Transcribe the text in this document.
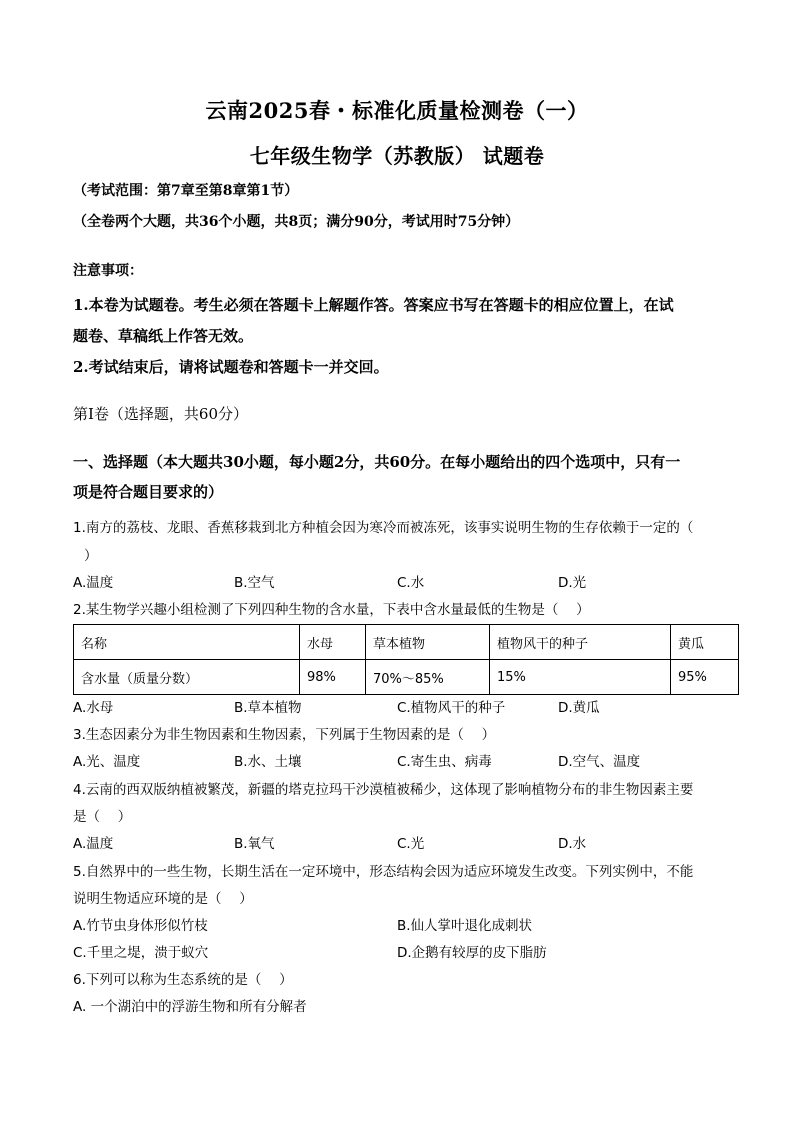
云南2025春・标准化质量检测卷（一）
七年级生物学（苏教版） 试题卷
（考试范围：第7章至第8章第1节）
（全卷两个大题，共36个小题，共8页；满分90分，考试用时75分钟）
注意事项：
1.本卷为试题卷。考生必须在答题卡上解题作答。答案应书写在答题卡的相应位置上，在试
题卷、草稿纸上作答无效。
2.考试结束后，请将试题卷和答题卡一并交回。
第Ⅰ卷（选择题，共60分）
一、选择题（本大题共30小题，每小题2分，共60分。在每小题给出的四个选项中，只有一
项是符合题目要求的）
1.南方的荔枝、龙眼、香蕉移栽到北方种植会因为寒冷而被冻死，该事实说明生物的生存依赖于一定的（
）
A.温度	B.空气	C.水	D.光
2.某生物学兴趣小组检测了下列四种生物的含水量，下表中含水量最低的生物是（　 ）
名称	水母	草本植物	植物风干的种子	黄瓜
含水量（质量分数）	98%	70%～85%	15%	95%
A.水母	B.草本植物	C.植物风干的种子	D.黄瓜
3.生态因素分为非生物因素和生物因素，下列属于生物因素的是（　 ）
A.光、温度	B.水、土壤	C.寄生虫、病毒	D.空气、温度
4.云南的西双版纳植被繁茂，新疆的塔克拉玛干沙漠植被稀少，这体现了影响植物分布的非生物因素主要
是（　 ）
A.温度	B.氧气	C.光	D.水
5.自然界中的一些生物，长期生活在一定环境中，形态结构会因为适应环境发生改变。下列实例中，不能
说明生物适应环境的是（　 ）
A.竹节虫身体形似竹枝	B.仙人掌叶退化成刺状
C.千里之堤，溃于蚁穴	D.企鹅有较厚的皮下脂肪
6.下列可以称为生态系统的是（　 ）
A. 一个湖泊中的浮游生物和所有分解者
